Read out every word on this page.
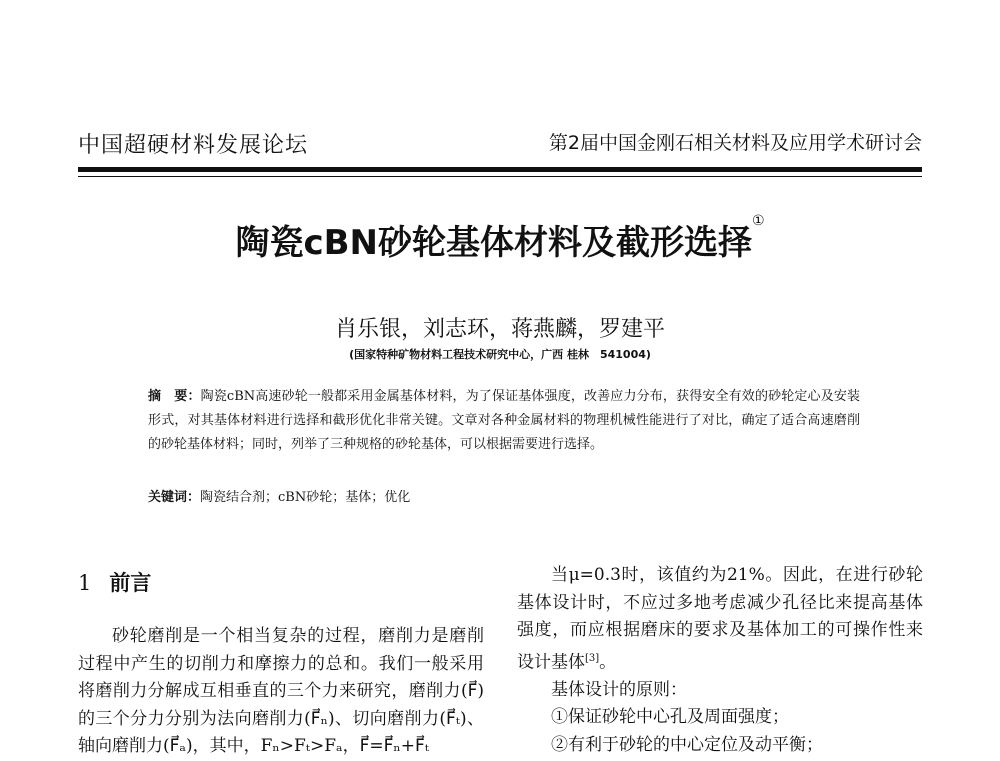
中国超硬材料发展论坛	第2届中国金刚石相关材料及应用学术研讨会
陶瓷cBN砂轮基体材料及截形选择①
肖乐银，刘志环，蒋燕麟，罗建平
(国家特种矿物材料工程技术研究中心，广西 桂林　541004)
摘　要：陶瓷cBN高速砂轮一般都采用金属基体材料，为了保证基体强度，改善应力分布，获得安全有效的砂轮定心及安装形式，对其基体材料进行选择和截形优化非常关键。文章对各种金属材料的物理机械性能进行了对比，确定了适合高速磨削的砂轮基体材料；同时，列举了三种规格的砂轮基体，可以根据需要进行选择。
关键词：陶瓷结合剂；cBN砂轮；基体；优化
1 前言

砂轮磨削是一个相当复杂的过程，磨削力是磨削过程中产生的切削力和摩擦力的总和。我们一般采用将磨削力分解成互相垂直的三个力来研究，磨削力(F⃗)的三个分力分别为法向磨削力(F⃗ₙ)、切向磨削力(F⃗ₜ)、轴向磨削力(F⃗ₐ)，其中，Fₙ>Fₜ>Fₐ，F⃗=F⃗ₙ+F⃗ₜ

当μ=0.3时，该值约为21%。因此，在进行砂轮基体设计时，不应过多地考虑减少孔径比来提高基体强度，而应根据磨床的要求及基体加工的可操作性来设计基体[3]。

基体设计的原则：

①保证砂轮中心孔及周面强度；

②有利于砂轮的中心定位及动平衡；
